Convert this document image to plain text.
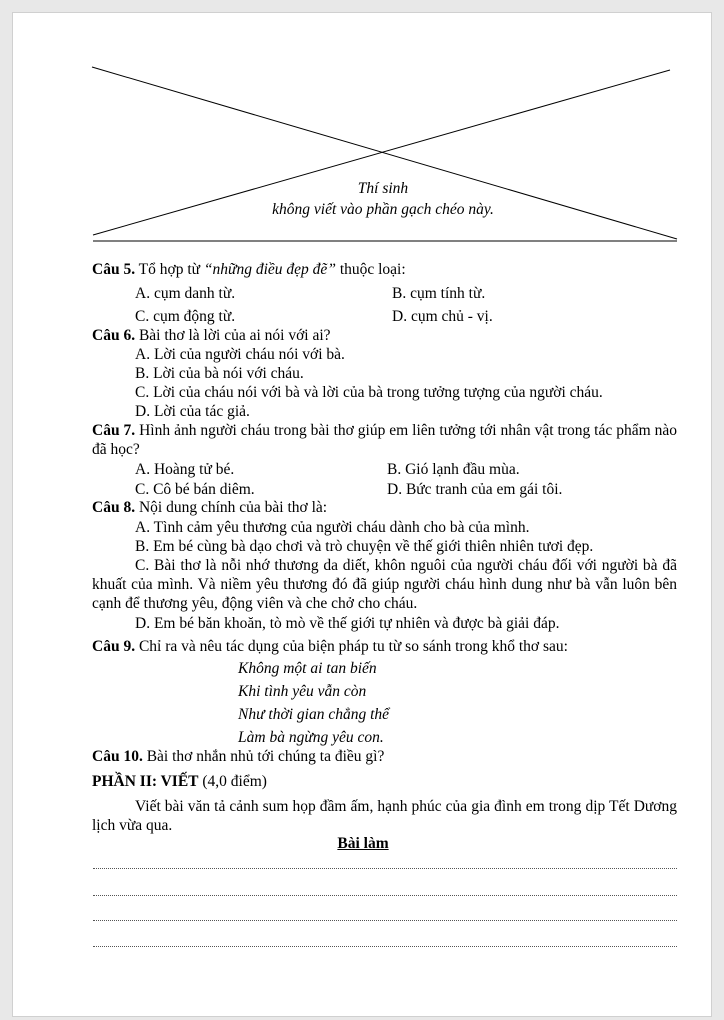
Thí sinh
không viết vào phần gạch chéo này.
Câu 5. Tổ hợp từ “những điều đẹp đẽ” thuộc loại:
A. cụm danh từ.	B. cụm tính từ.
C. cụm động từ.	D. cụm chủ - vị.
Câu 6. Bài thơ là lời của ai nói với ai?
A. Lời của người cháu nói với bà.
B. Lời của bà nói với cháu.
C. Lời của cháu nói với bà và lời của bà trong tưởng tượng của người cháu.
D. Lời của tác giả.
Câu 7. Hình ảnh người cháu trong bài thơ giúp em liên tưởng tới nhân vật trong tác phẩm nào đã học?
A. Hoàng tử bé.	B. Gió lạnh đầu mùa.
C. Cô bé bán diêm.	D. Bức tranh của em gái tôi.
Câu 8. Nội dung chính của bài thơ là:
A. Tình cảm yêu thương của người cháu dành cho bà của mình.
B. Em bé cùng bà dạo chơi và trò chuyện về thế giới thiên nhiên tươi đẹp.
C. Bài thơ là nỗi nhớ thương da diết, khôn nguôi của người cháu đối với người bà đã khuất của mình. Và niềm yêu thương đó đã giúp người cháu hình dung như bà vẫn luôn bên cạnh để thương yêu, động viên và che chở cho cháu.
D. Em bé băn khoăn, tò mò về thế giới tự nhiên và được bà giải đáp.
Câu 9. Chỉ ra và nêu tác dụng của biện pháp tu từ so sánh trong khổ thơ sau:
Không một ai tan biến
Khi tình yêu vẫn còn
Như thời gian chẳng thể
Làm bà ngừng yêu con.
Câu 10. Bài thơ nhắn nhủ tới chúng ta điều gì?
PHẦN II: VIẾT (4,0 điểm)
Viết bài văn tả cảnh sum họp đầm ấm, hạnh phúc của gia đình em trong dịp Tết Dương lịch vừa qua.
Bài làm
